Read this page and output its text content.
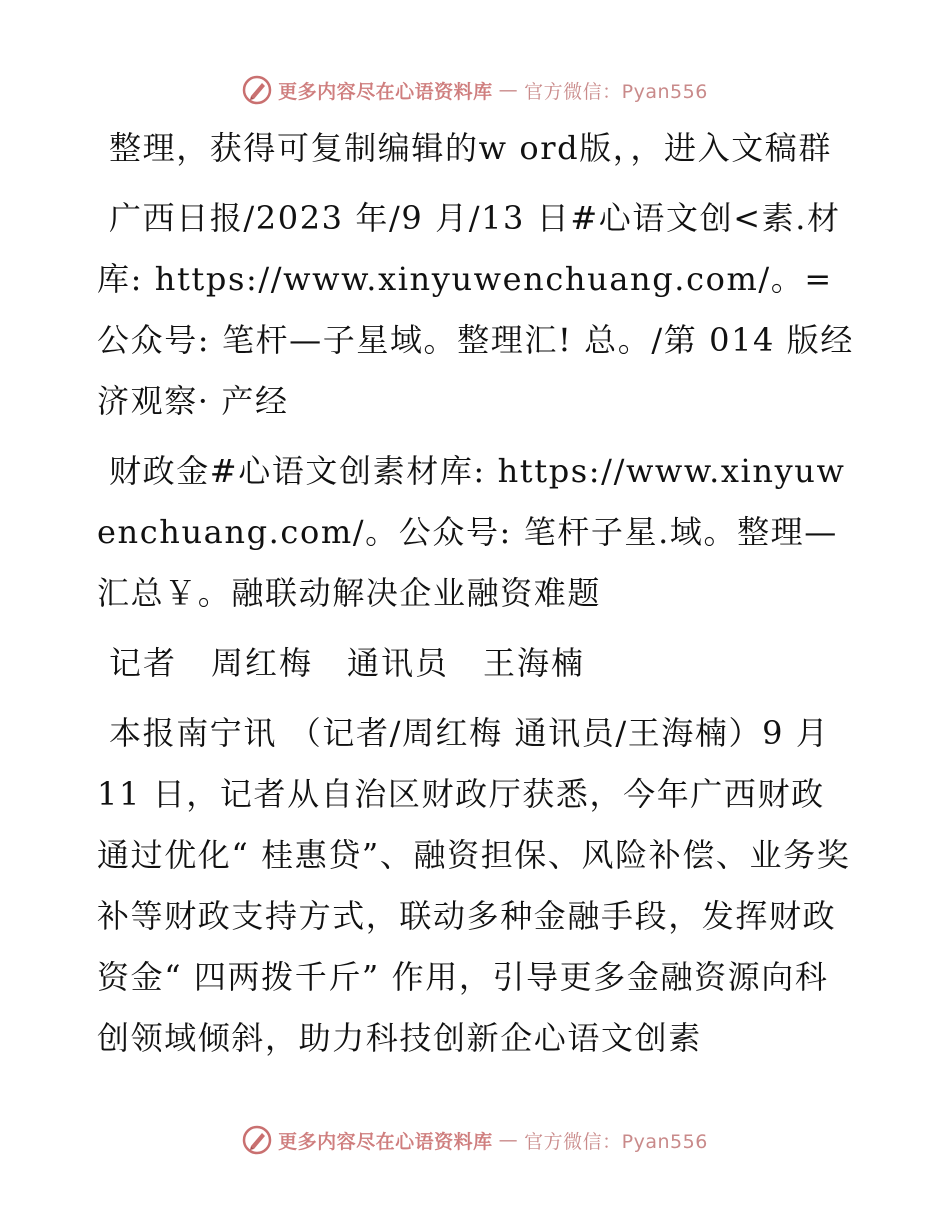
更多内容尽在心语资料库 — 官方微信：Pyan556

整理，获得可复制编辑的w ord版，，进入文稿群

广西日报/2023 年/9 月/13 日#心语文创<素.材库: https://www.xinyuwenchuang.com/。=公众号: 笔杆—子星域。整理汇! 总。/第 014 版经济观察· 产经

财政金#心语文创素材库: https://www.xinyuwenchuang.com/。公众号: 笔杆子星.域。整理—汇总￥。融联动解决企业融资难题

记者　周红梅　通讯员　王海楠

本报南宁讯 （记者/周红梅 通讯员/王海楠）9 月 11 日，记者从自治区财政厅获悉，今年广西财政通过优化“ 桂惠贷”、融资担保、风险补偿、业务奖补等财政支持方式，联动多种金融手段，发挥财政资金“ 四两拨千斤” 作用，引导更多金融资源向科创领域倾斜，助力科技创新企心语文创素

更多内容尽在心语资料库 — 官方微信：Pyan556
